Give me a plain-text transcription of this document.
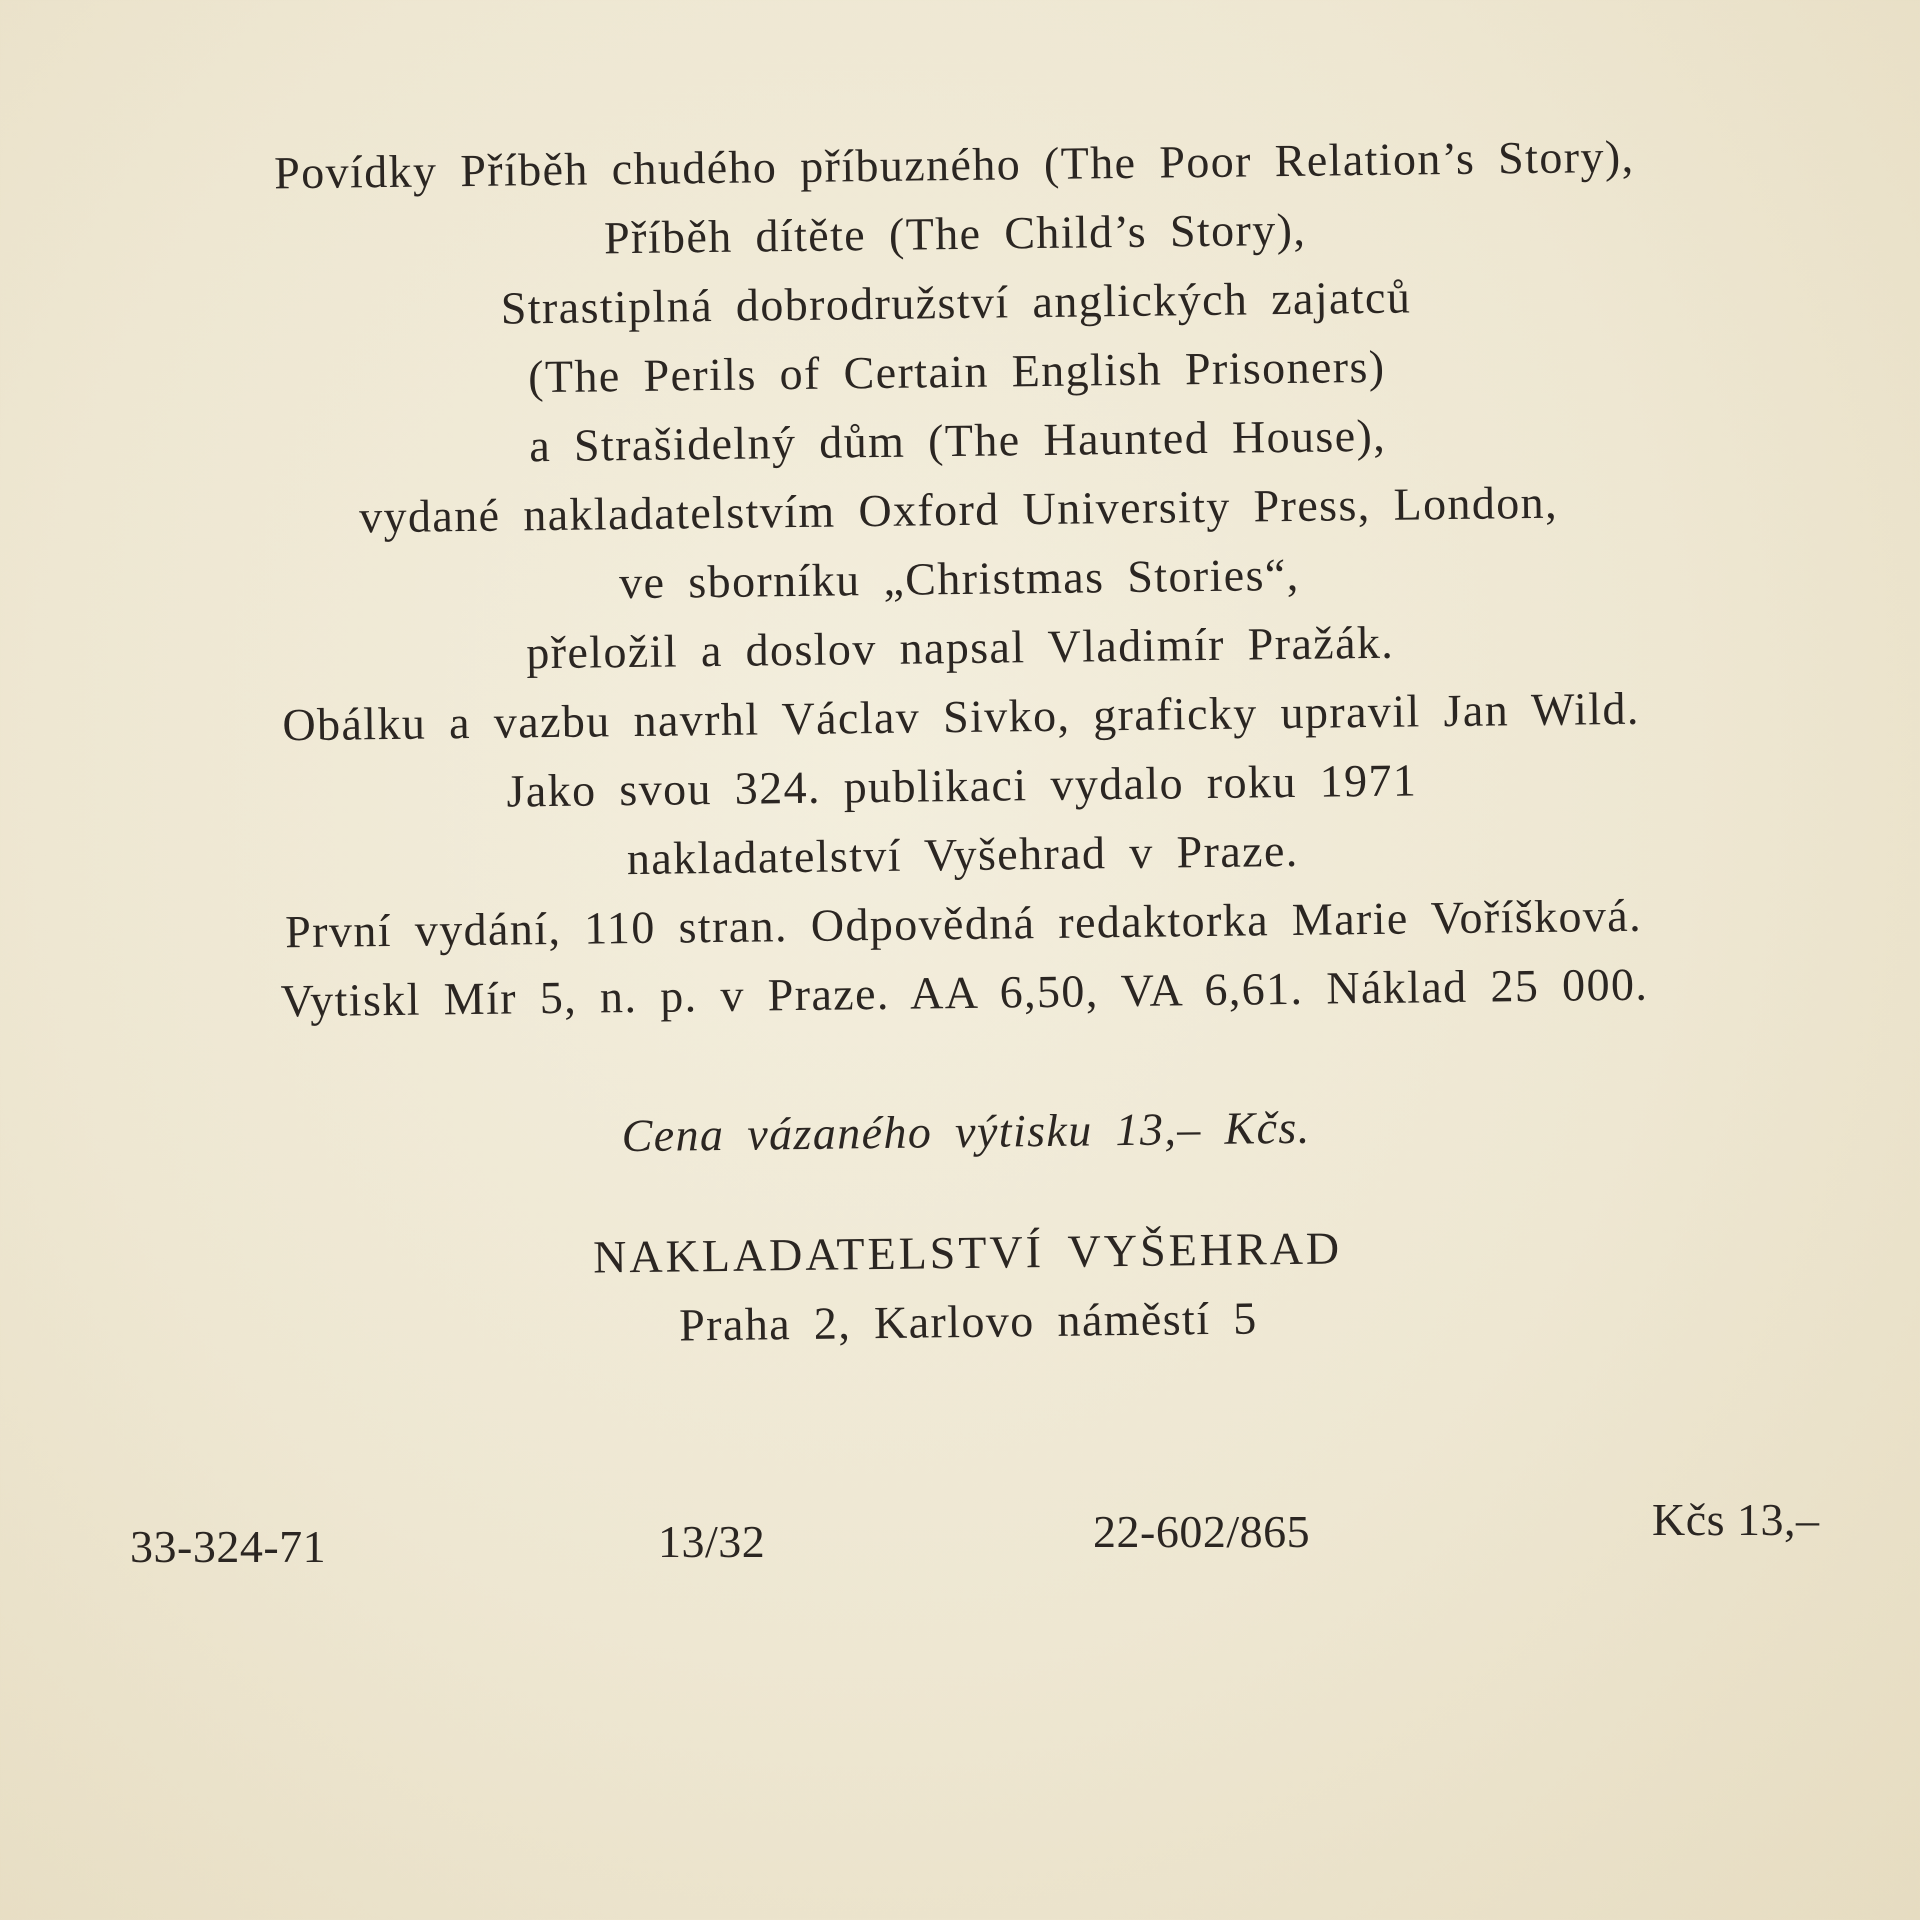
Povídky Příběh chudého příbuzného (The Poor Relation’s Story),
Příběh dítěte (The Child’s Story),
Strastiplná dobrodružství anglických zajatců
(The Perils of Certain English Prisoners)
a Strašidelný dům (The Haunted House),
vydané nakladatelstvím Oxford University Press, London,
ve sborníku „Christmas Stories“,
přeložil a doslov napsal Vladimír Pražák.
Obálku a vazbu navrhl Václav Sivko, graficky upravil Jan Wild.
Jako svou 324. publikaci vydalo roku 1971
nakladatelství Vyšehrad v Praze.
První vydání, 110 stran. Odpovědná redaktorka Marie Voříšková.
Vytiskl Mír 5, n. p. v Praze. AA 6,50, VA 6,61. Náklad 25 000.
Cena vázaného výtisku 13,– Kčs.
NAKLADATELSTVÍ VYŠEHRAD
Praha 2, Karlovo náměstí 5
33-324-71	13/32	22-602/865	Kčs 13,–
